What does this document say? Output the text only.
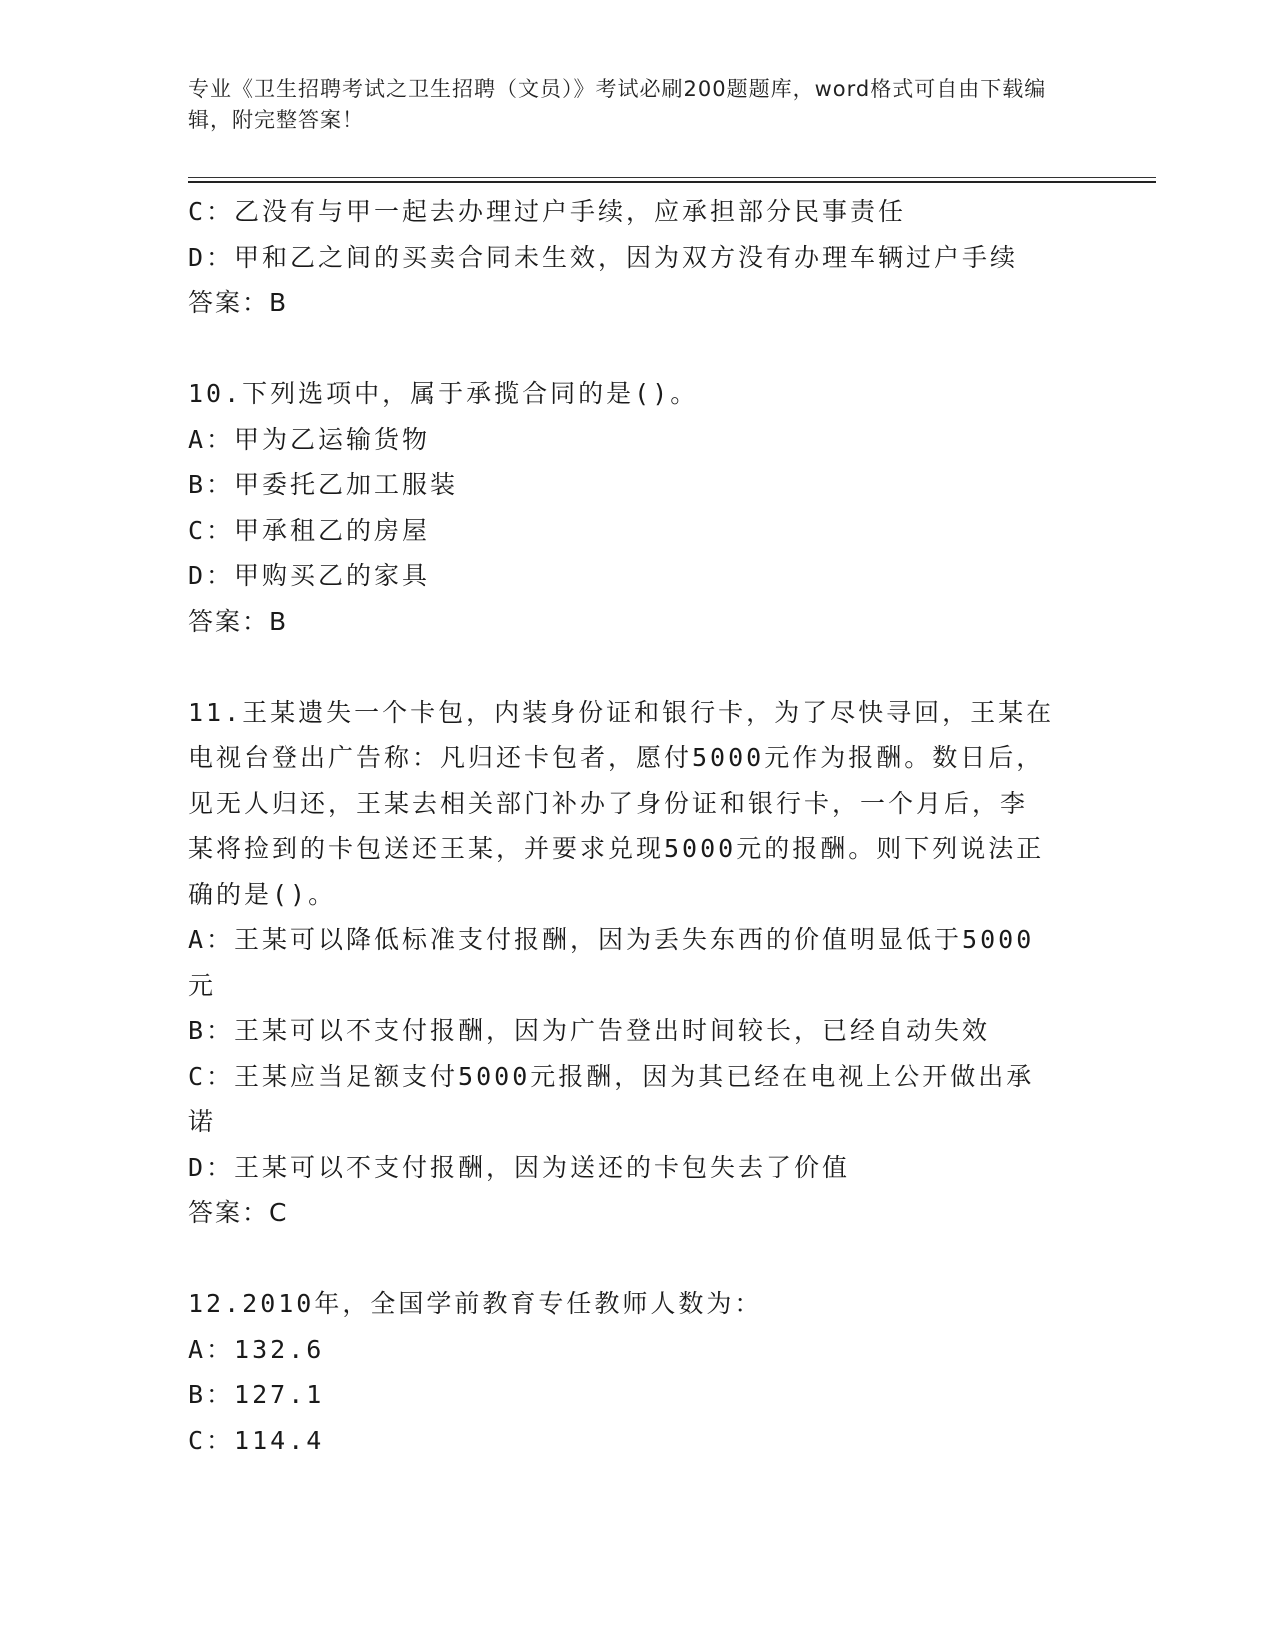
专业《卫生招聘考试之卫生招聘（文员）》考试必刷200题题库，word格式可自由下载编辑，附完整答案！

C：乙没有与甲一起去办理过户手续，应承担部分民事责任

D：甲和乙之间的买卖合同未生效，因为双方没有办理车辆过户手续

答案：B

10.下列选项中，属于承揽合同的是()。

A：甲为乙运输货物

B：甲委托乙加工服装

C：甲承租乙的房屋

D：甲购买乙的家具

答案：B

11.王某遗失一个卡包，内装身份证和银行卡，为了尽快寻回，王某在

电视台登出广告称：凡归还卡包者，愿付5000元作为报酬。数日后，

见无人归还，王某去相关部门补办了身份证和银行卡，一个月后，李

某将捡到的卡包送还王某，并要求兑现5000元的报酬。则下列说法正

确的是()。

A：王某可以降低标准支付报酬，因为丢失东西的价值明显低于5000

元

B：王某可以不支付报酬，因为广告登出时间较长，已经自动失效

C：王某应当足额支付5000元报酬，因为其已经在电视上公开做出承

诺

D：王某可以不支付报酬，因为送还的卡包失去了价值

答案：C

12.2010年，全国学前教育专任教师人数为：

A：132.6

B：127.1

C：114.4
